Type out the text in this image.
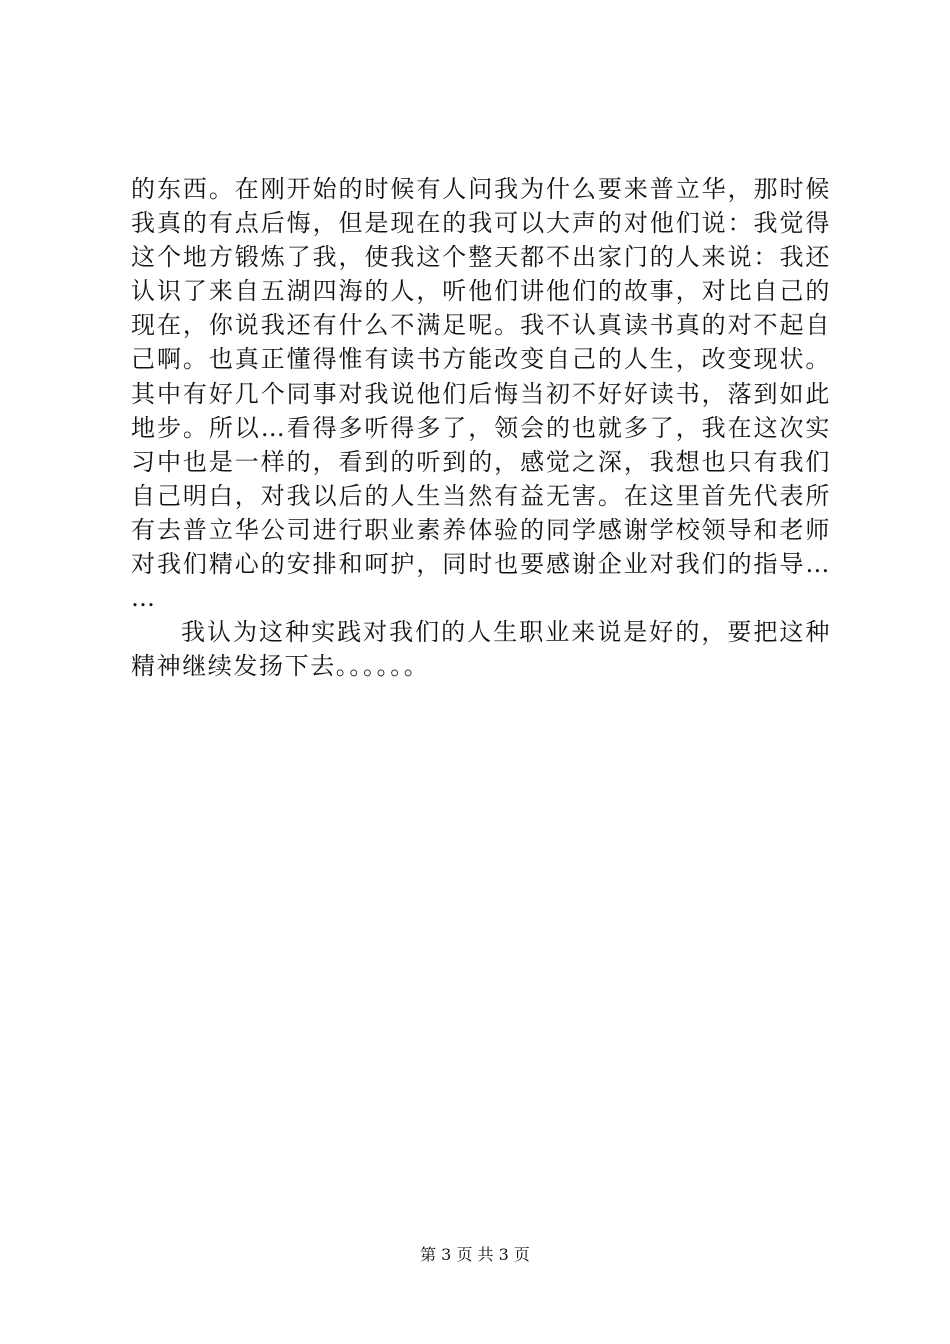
的东西。在刚开始的时候有人问我为什么要来普立华，那时候
我真的有点后悔，但是现在的我可以大声的对他们说：我觉得
这个地方锻炼了我，使我这个整天都不出家门的人来说：我还
认识了来自五湖四海的人，听他们讲他们的故事，对比自己的
现在，你说我还有什么不满足呢。我不认真读书真的对不起自
己啊。也真正懂得惟有读书方能改变自己的人生，改变现状。
其中有好几个同事对我说他们后悔当初不好好读书，落到如此
地步。所以…看得多听得多了，领会的也就多了，我在这次实
习中也是一样的，看到的听到的，感觉之深，我想也只有我们
自己明白，对我以后的人生当然有益无害。在这里首先代表所
有去普立华公司进行职业素养体验的同学感谢学校领导和老师
对我们精心的安排和呵护，同时也要感谢企业对我们的指导…
…
我认为这种实践对我们的人生职业来说是好的，要把这种
精神继续发扬下去。。。。。。
第 3 页 共 3 页
